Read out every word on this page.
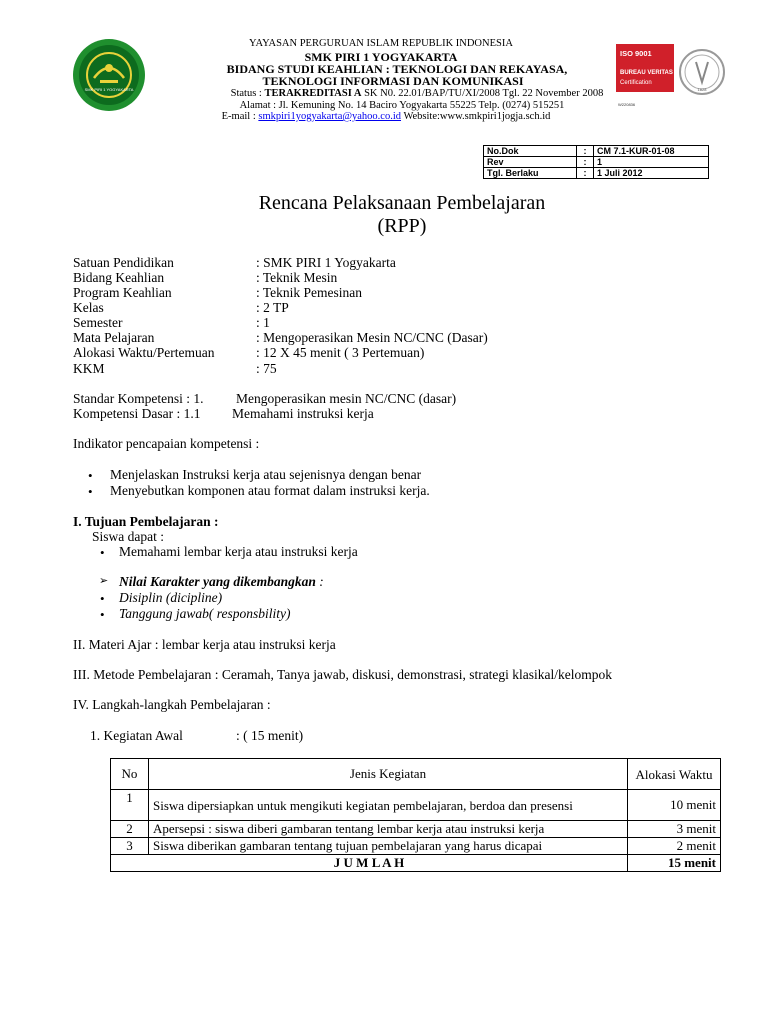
SMK PIRI 1 YOGYAKARTA
ISO 9001
BUREAU VERITAS
Certification
W220836
1828
YAYASAN PERGURUAN ISLAM REPUBLIK INDONESIA
SMK PIRI 1 YOGYAKARTA
BIDANG STUDI KEAHLIAN : TEKNOLOGI DAN REKAYASA,
TEKNOLOGI INFORMASI DAN KOMUNIKASI
Status : TERAKREDITASI A SK N0. 22.01/BAP/TU/XI/2008 Tgl. 22 November 2008
Alamat : Jl. Kemuning No. 14 Baciro Yogyakarta 55225 Telp. (0274) 515251
E-mail : smkpiri1yogyakarta@yahoo.co.id Website:www.smkpiri1jogja.sch.id
No.Dok	:	CM 7.1-KUR-01-08
Rev	:	1
Tgl. Berlaku	:	1 Juli 2012
Rencana Pelaksanaan Pembelajaran
(RPP)
Satuan Pendidikan	: SMK PIRI 1 Yogyakarta
Bidang Keahlian	: Teknik Mesin
Program Keahlian	: Teknik Pemesinan
Kelas	: 2 TP
Semester	: 1
Mata Pelajaran	: Mengoperasikan Mesin NC/CNC (Dasar)
Alokasi Waktu/Pertemuan	: 12 X 45 menit ( 3 Pertemuan)
KKM	: 75
Standar Kompetensi : 1. Mengoperasikan mesin NC/CNC (dasar)
Kompetensi Dasar : 1.1 Memahami instruksi kerja
Indikator pencapaian kompetensi :
• Menjelaskan Instruksi kerja atau sejenisnya dengan benar
• Menyebutkan komponen atau format dalam instruksi kerja.
I. Tujuan Pembelajaran :
Siswa dapat :
• Memahami lembar kerja atau instruksi kerja
➢ Nilai Karakter yang dikembangkan :
• Disiplin (dicipline)
• Tanggung jawab( responsbility)
II. Materi Ajar : lembar kerja atau instruksi kerja
III. Metode Pembelajaran : Ceramah, Tanya jawab, diskusi, demonstrasi, strategi klasikal/kelompok
IV. Langkah-langkah Pembelajaran :
1. Kegiatan Awal	: ( 15 menit)
No	Jenis Kegiatan	Alokasi Waktu
1	Siswa dipersiapkan untuk mengikuti kegiatan pembelajaran, berdoa dan presensi	10 menit
2	Apersepsi : siswa diberi gambaran tentang lembar kerja atau instruksi kerja	3 menit
3	Siswa diberikan gambaran tentang tujuan pembelajaran yang harus dicapai	2 menit
J U M L A H		15 menit
